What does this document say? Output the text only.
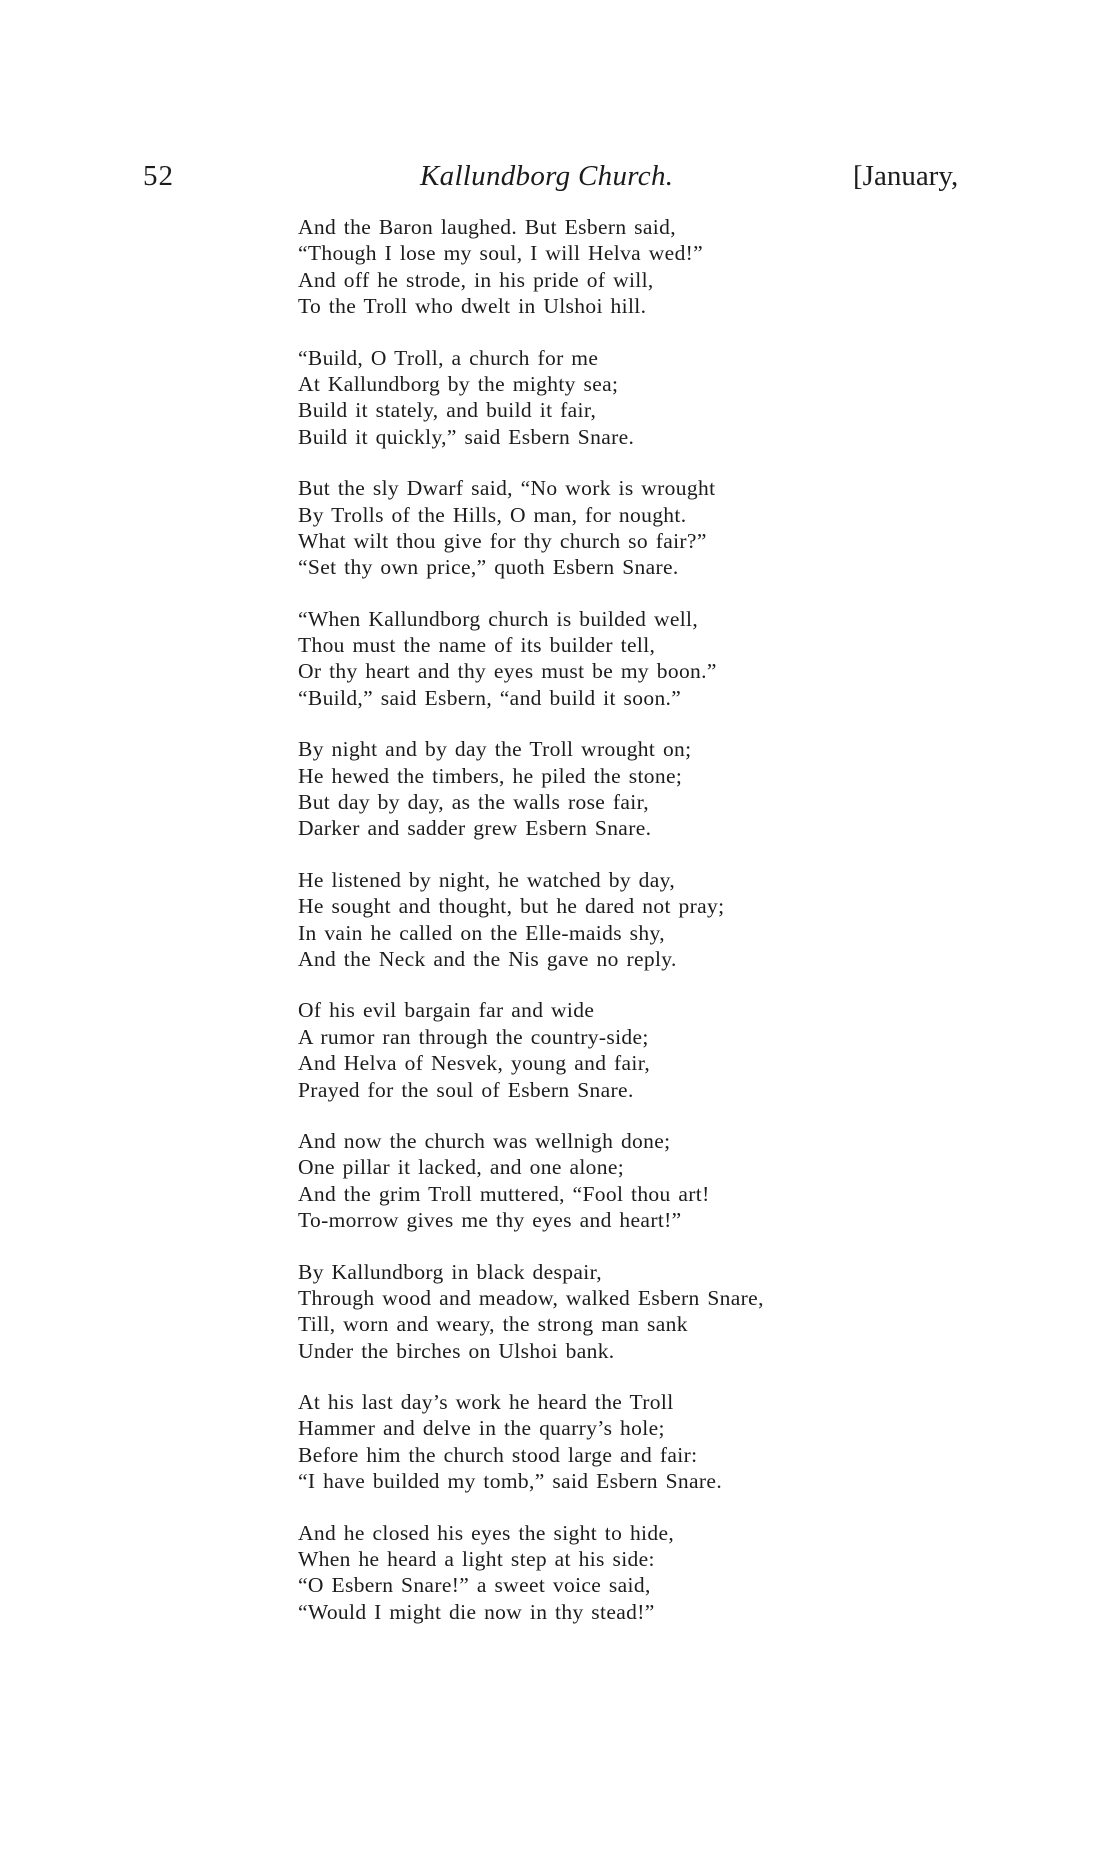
52	Kallundborg Church.	[January,
And the Baron laughed. But Esbern said,
“Though I lose my soul, I will Helva wed!”
And off he strode, in his pride of will,
To the Troll who dwelt in Ulshoi hill.
“Build, O Troll, a church for me
At Kallundborg by the mighty sea;
Build it stately, and build it fair,
Build it quickly,” said Esbern Snare.
But the sly Dwarf said, “No work is wrought
By Trolls of the Hills, O man, for nought.
What wilt thou give for thy church so fair?”
“Set thy own price,” quoth Esbern Snare.
“When Kallundborg church is builded well,
Thou must the name of its builder tell,
Or thy heart and thy eyes must be my boon.”
“Build,” said Esbern, “and build it soon.”
By night and by day the Troll wrought on;
He hewed the timbers, he piled the stone;
But day by day, as the walls rose fair,
Darker and sadder grew Esbern Snare.
He listened by night, he watched by day,
He sought and thought, but he dared not pray;
In vain he called on the Elle-maids shy,
And the Neck and the Nis gave no reply.
Of his evil bargain far and wide
A rumor ran through the country-side;
And Helva of Nesvek, young and fair,
Prayed for the soul of Esbern Snare.
And now the church was wellnigh done;
One pillar it lacked, and one alone;
And the grim Troll muttered, “Fool thou art!
To-morrow gives me thy eyes and heart!”
By Kallundborg in black despair,
Through wood and meadow, walked Esbern Snare,
Till, worn and weary, the strong man sank
Under the birches on Ulshoi bank.
At his last day’s work he heard the Troll
Hammer and delve in the quarry’s hole;
Before him the church stood large and fair:
“I have builded my tomb,” said Esbern Snare.
And he closed his eyes the sight to hide,
When he heard a light step at his side:
“O Esbern Snare!” a sweet voice said,
“Would I might die now in thy stead!”
